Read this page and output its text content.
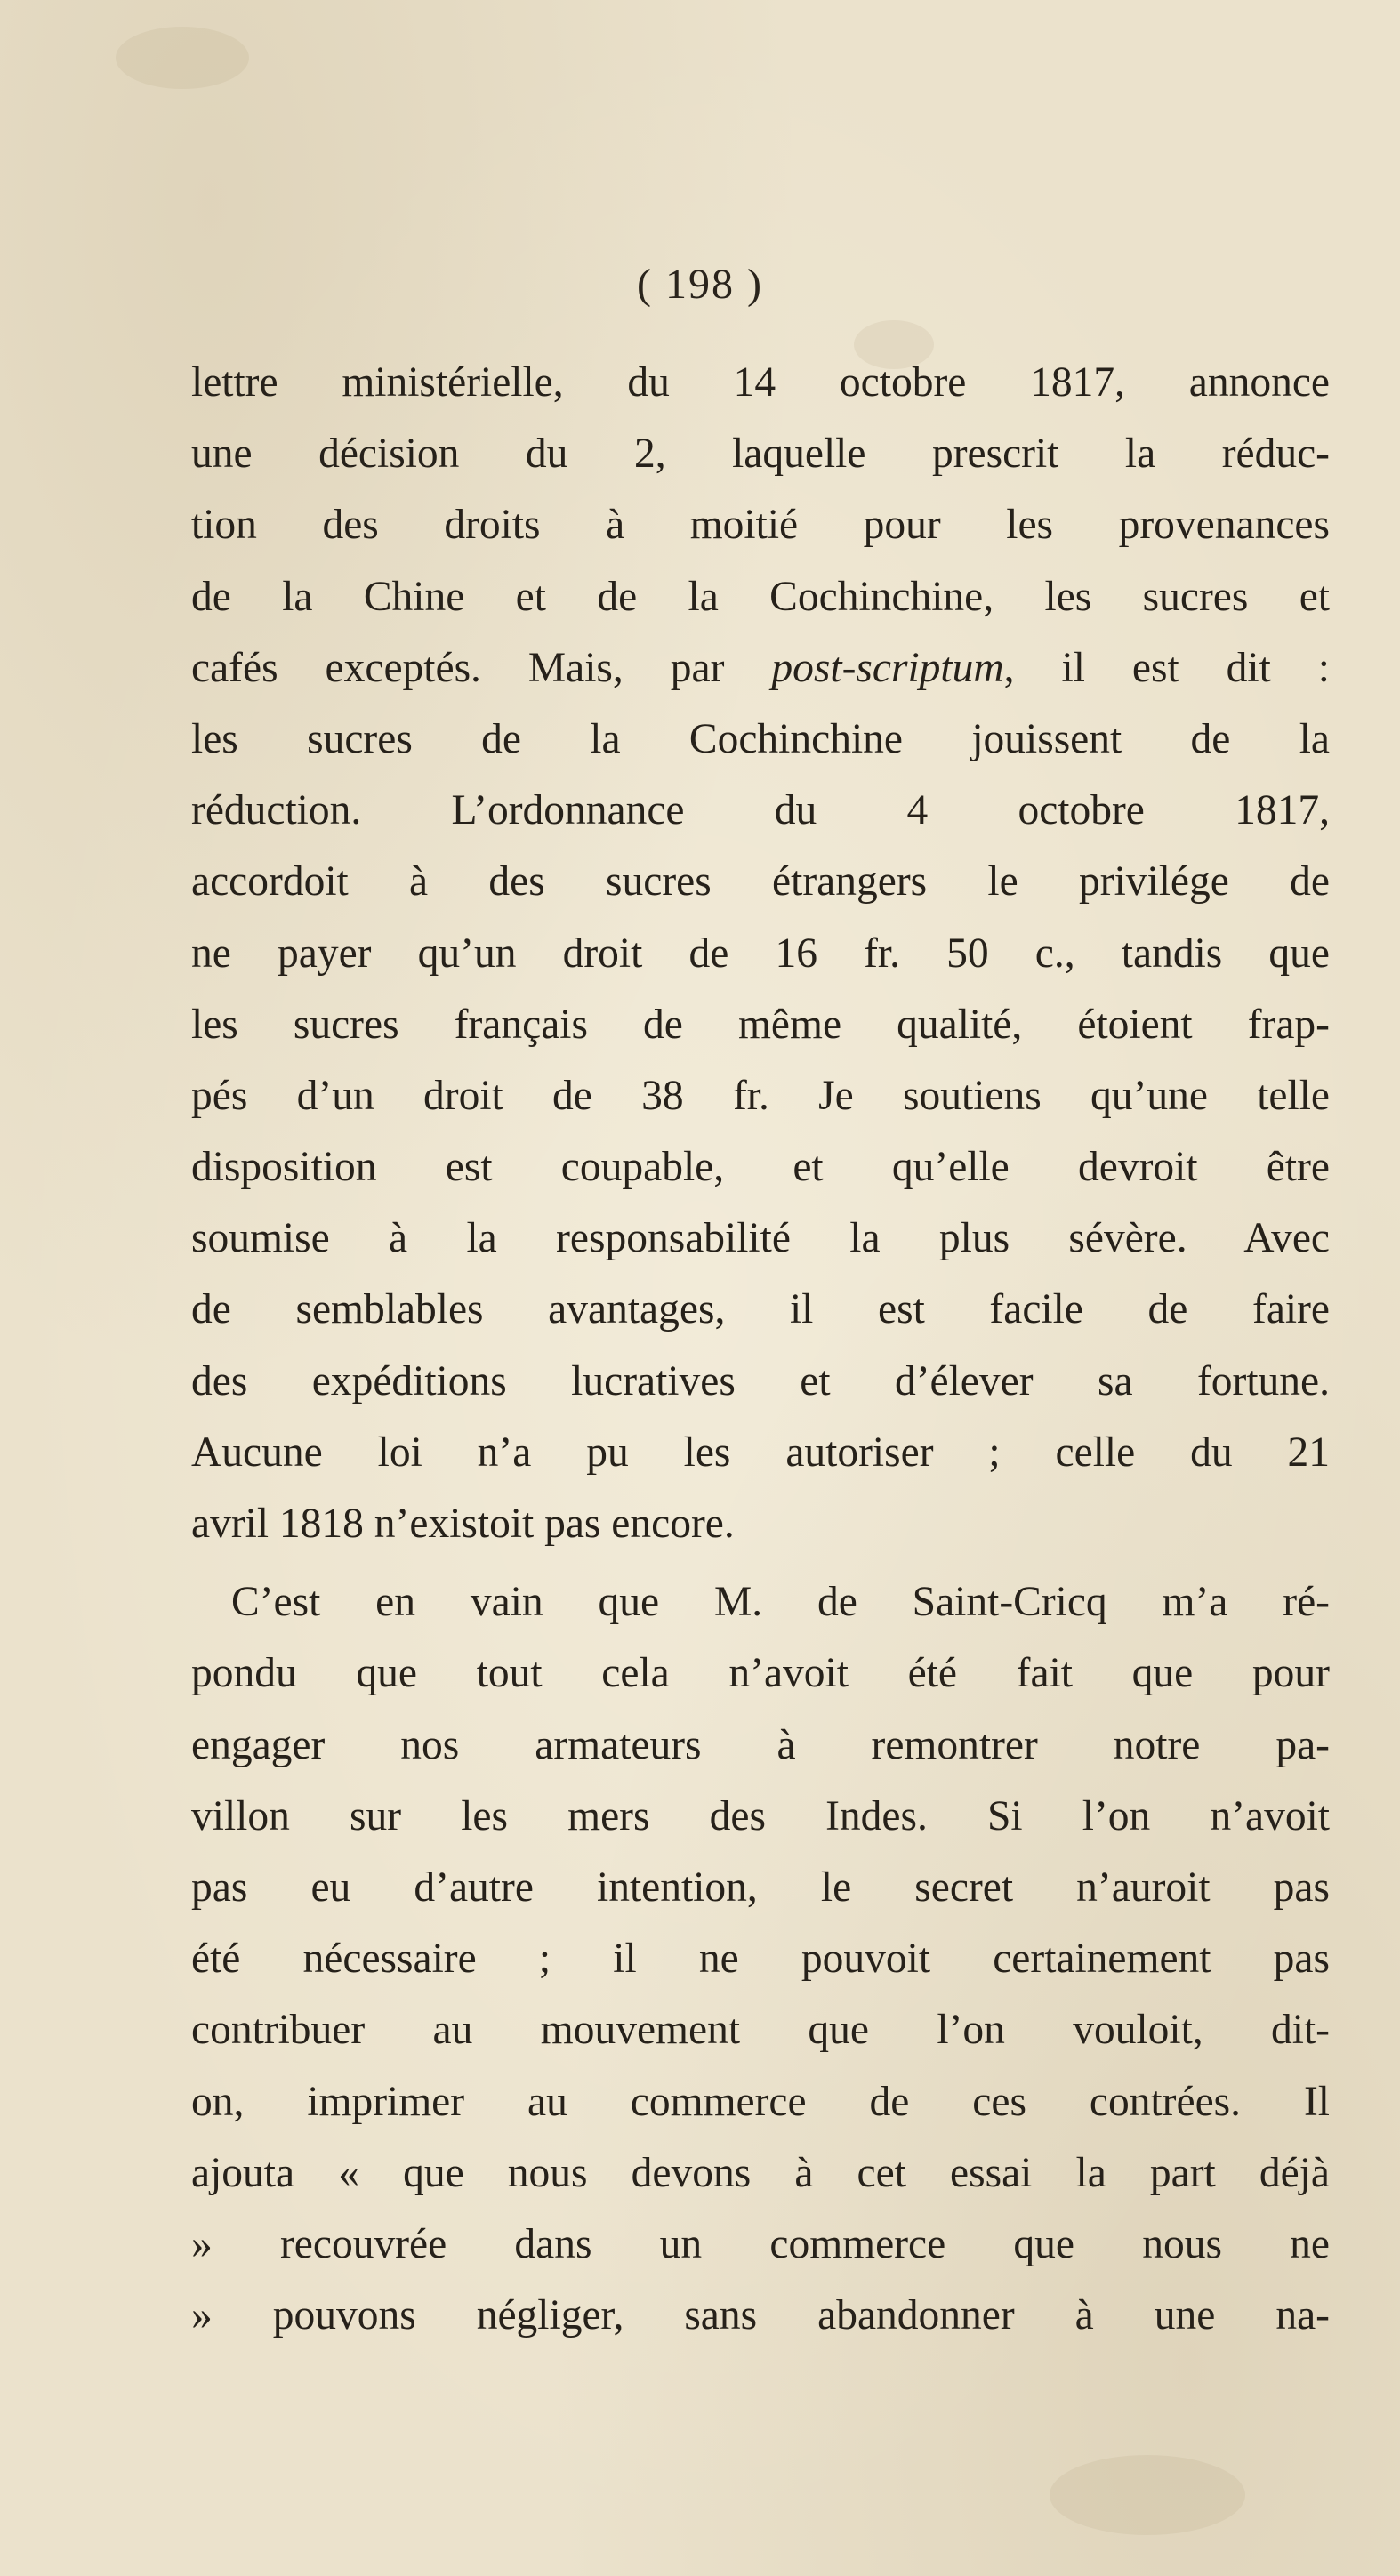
( 198 )
lettre ministérielle, du 14 octobre 1817, annonce
une décision du 2, laquelle prescrit la réduc-
tion des droits à moitié pour les provenances
de la Chine et de la Cochinchine, les sucres et
cafés exceptés. Mais, par post-scriptum, il est dit :
les sucres de la Cochinchine jouissent de la
réduction. L’ordonnance du 4 octobre 1817,
accordoit à des sucres étrangers le privilége de
ne payer qu’un droit de 16 fr. 50 c., tandis que
les sucres français de même qualité, étoient frap-
pés d’un droit de 38 fr. Je soutiens qu’une telle
disposition est coupable, et qu’elle devroit être
soumise à la responsabilité la plus sévère. Avec
de semblables avantages, il est facile de faire
des expéditions lucratives et d’élever sa fortune.
Aucune loi n’a pu les autoriser ; celle du 21
avril 1818 n’existoit pas encore.
C’est en vain que M. de Saint-Cricq m’a ré-
pondu que tout cela n’avoit été fait que pour
engager nos armateurs à remontrer notre pa-
villon sur les mers des Indes. Si l’on n’avoit
pas eu d’autre intention, le secret n’auroit pas
été nécessaire ; il ne pouvoit certainement pas
contribuer au mouvement que l’on vouloit, dit-
on, imprimer au commerce de ces contrées. Il
ajouta « que nous devons à cet essai la part déjà
» recouvrée dans un commerce que nous ne
» pouvons négliger, sans abandonner à une na-
